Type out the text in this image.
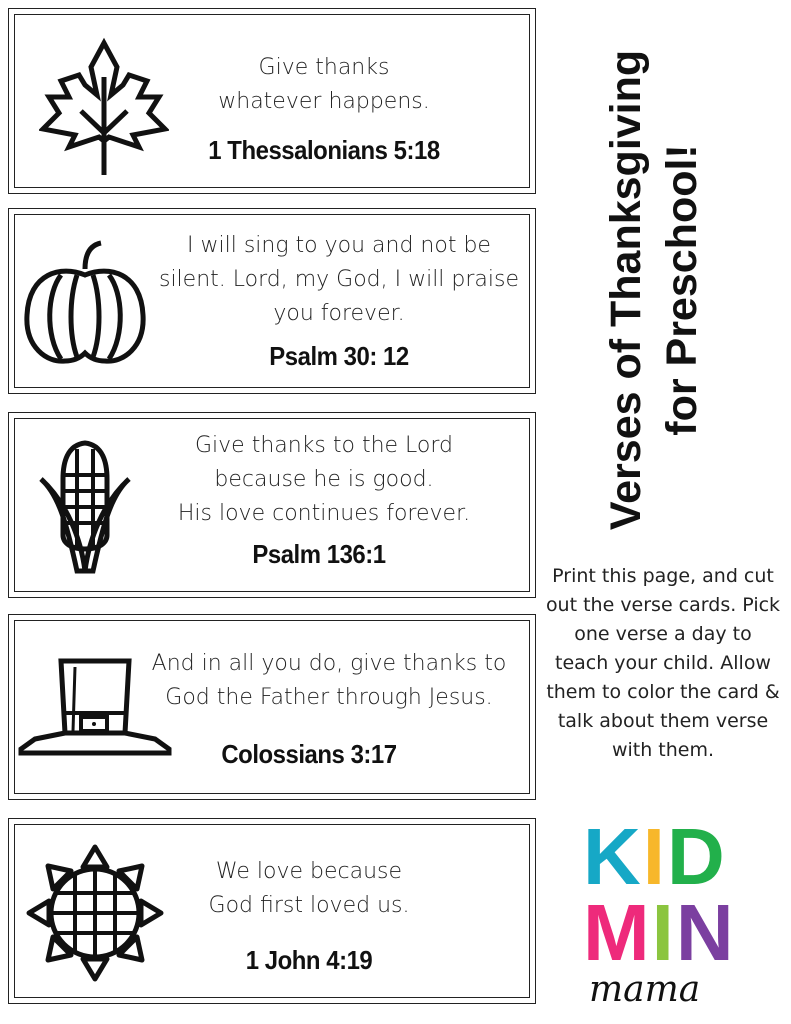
Give thanks
whatever happens.
1 Thessalonians 5:18
I will sing to you and not be
silent. Lord, my God, I will praise
you forever.
Psalm 30: 12
Give thanks to the Lord
because he is good.
His love continues forever.
Psalm 136:1
And in all you do, give thanks to
God the Father through Jesus.
Colossians 3:17
We love because
God first loved us.
1 John 4:19
Verses of Thanksgiving for Preschool!
Print this page, and cut out the verse cards. Pick one verse a day to teach your child. Allow them to color the card & talk about them verse with them.
KID
MIN
mama
